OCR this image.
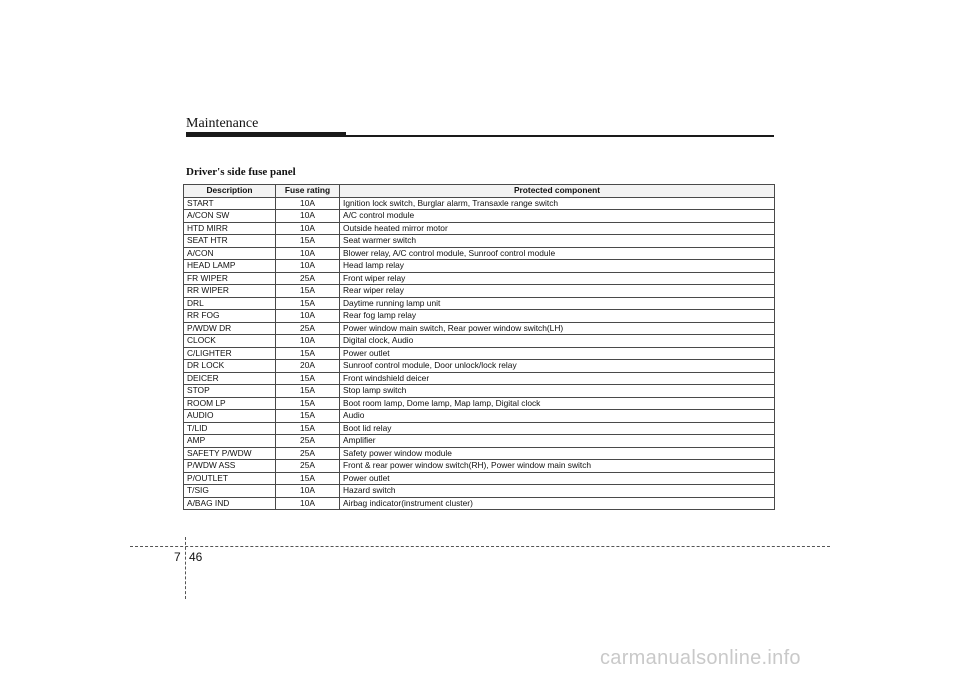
Maintenance
Driver's side fuse panel
Description	Fuse rating	Protected component
START	10A	Ignition lock switch, Burglar alarm, Transaxle range switch
A/CON SW	10A	A/C control module
HTD MIRR	10A	Outside heated mirror motor
SEAT HTR	15A	Seat warmer switch
A/CON	10A	Blower relay, A/C control module, Sunroof control module
HEAD LAMP	10A	Head lamp relay
FR WIPER	25A	Front wiper relay
RR WIPER	15A	Rear wiper relay
DRL	15A	Daytime running lamp unit
RR FOG	10A	Rear fog lamp relay
P/WDW DR	25A	Power window main switch, Rear power window switch(LH)
CLOCK	10A	Digital clock, Audio
C/LIGHTER	15A	Power outlet
DR LOCK	20A	Sunroof control module, Door unlock/lock relay
DEICER	15A	Front windshield deicer
STOP	15A	Stop lamp switch
ROOM LP	15A	Boot room lamp, Dome lamp, Map lamp, Digital clock
AUDIO	15A	Audio
T/LID	15A	Boot lid relay
AMP	25A	Amplifier
SAFETY P/WDW	25A	Safety power window module
P/WDW ASS	25A	Front & rear power window switch(RH), Power window main switch
P/OUTLET	15A	Power outlet
T/SIG	10A	Hazard switch
A/BAG IND	10A	Airbag indicator(instrument cluster)
7 46
carmanualsonline.info
